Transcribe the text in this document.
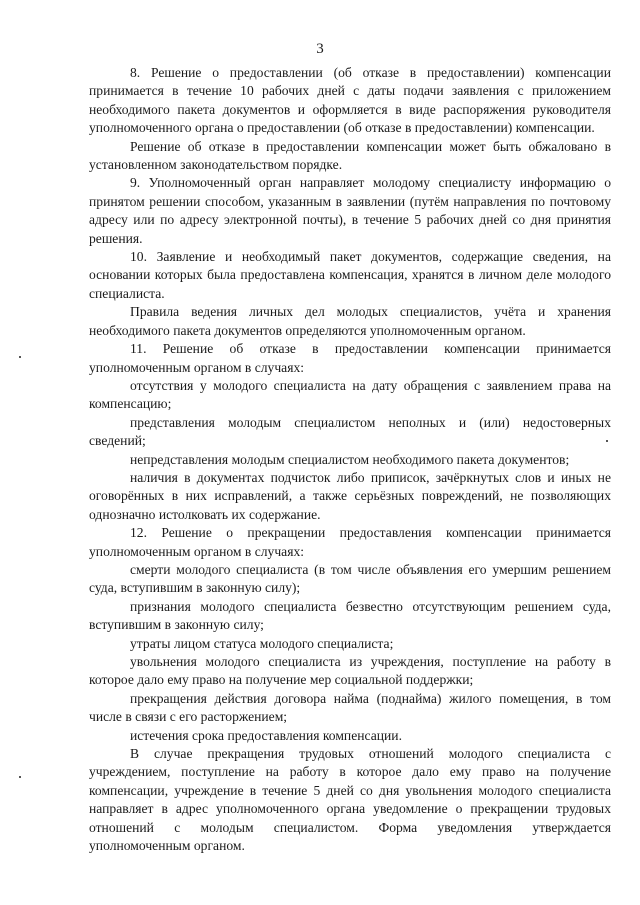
3

8. Решение о предоставлении (об отказе в предоставлении) компенсации принимается в течение 10 рабочих дней с даты подачи заявления с приложением необходимого пакета документов и оформляется в виде распоряжения руководителя уполномоченного органа о предоставлении (об отказе в предоставлении) компенсации.

Решение об отказе в предоставлении компенсации может быть обжаловано в установленном законодательством порядке.

9. Уполномоченный орган направляет молодому специалисту информацию о принятом решении способом, указанным в заявлении (путём направления по почтовому адресу или по адресу электронной почты), в течение 5 рабочих дней со дня принятия решения.

10. Заявление и необходимый пакет документов, содержащие сведения, на основании которых была предоставлена компенсация, хранятся в личном деле молодого специалиста.

Правила ведения личных дел молодых специалистов, учёта и хранения необходимого пакета документов определяются уполномоченным органом.

11. Решение об отказе в предоставлении компенсации принимается уполномоченным органом в случаях:

отсутствия у молодого специалиста на дату обращения с заявлением права на компенсацию;

представления молодым специалистом неполных и (или) недостоверных сведений;

непредставления молодым специалистом необходимого пакета документов;

наличия в документах подчисток либо приписок, зачёркнутых слов и иных не оговорённых в них исправлений, а также серьёзных повреждений, не позволяющих однозначно истолковать их содержание.

12. Решение о прекращении предоставления компенсации принимается уполномоченным органом в случаях:

смерти молодого специалиста (в том числе объявления его умершим решением суда, вступившим в законную силу);

признания молодого специалиста безвестно отсутствующим решением суда, вступившим в законную силу;

утраты лицом статуса молодого специалиста;

увольнения молодого специалиста из учреждения, поступление на работу в которое дало ему право на получение мер социальной поддержки;

прекращения действия договора найма (поднайма) жилого помещения, в том числе в связи с его расторжением;

истечения срока предоставления компенсации.

В случае прекращения трудовых отношений молодого специалиста с учреждением, поступление на работу в которое дало ему право на получение компенсации, учреждение в течение 5 дней со дня увольнения молодого специалиста направляет в адрес уполномоченного органа уведомление о прекращении трудовых отношений с молодым специалистом. Форма уведомления утверждается уполномоченным органом.
